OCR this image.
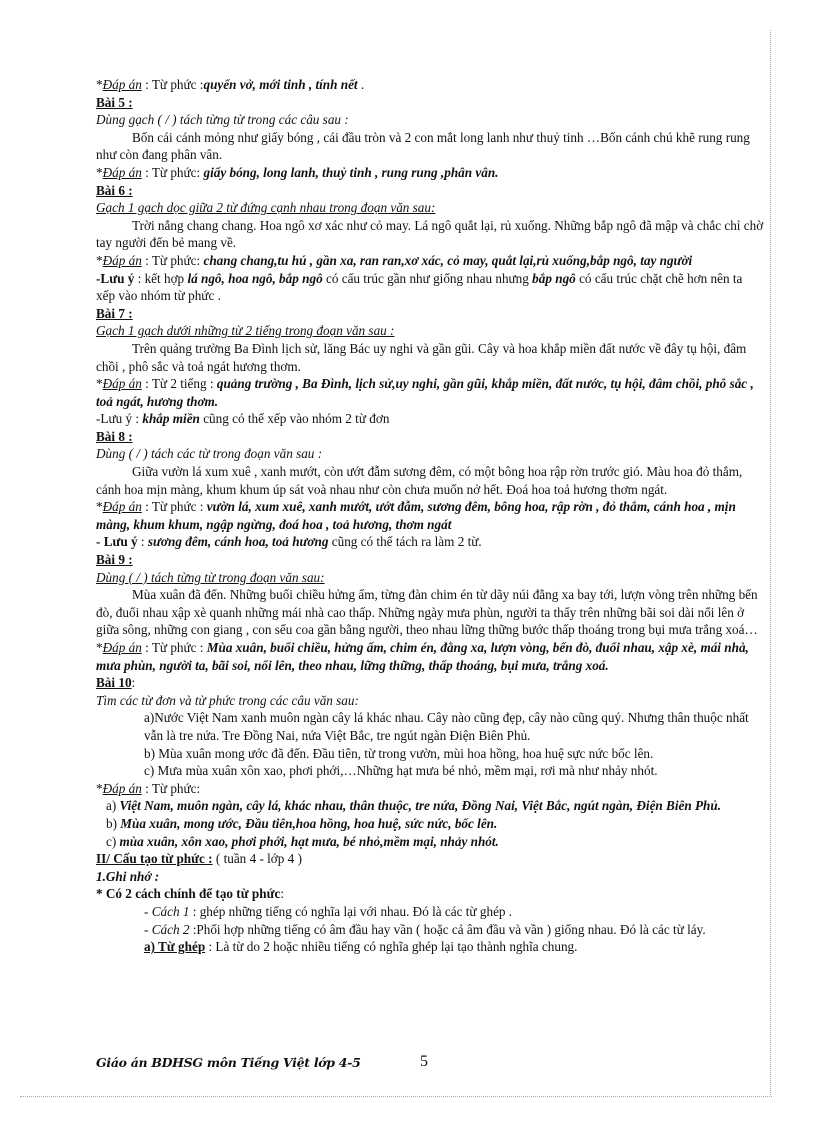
*Đáp án : Từ phức :quyển vở, mới tinh , tính nết .

Bài 5 :

Dùng gạch ( / ) tách từng từ trong các câu sau :

Bốn cái cánh mỏng như giấy bóng , cái đầu tròn và 2 con mắt long lanh như thuỷ tinh …Bốn cánh chú khẽ rung rung như còn đang phân vân.

*Đáp án : Từ phức: giấy bóng, long lanh, thuỷ tinh , rung rung ,phân vân.

Bài 6 :

Gạch 1 gạch dọc giữa 2 từ đứng cạnh nhau trong đoạn văn sau:

Trời nắng chang chang. Hoa ngô xơ xác như cỏ may. Lá ngô quắt lại, rủ xuống. Những bắp ngô đã mập và chắc chỉ chờ tay người đến bẻ mang về.

*Đáp án : Từ phức: chang chang,tu hú , gần xa, ran ran,xơ xác, cỏ may, quắt lại,rủ xuống,bắp ngô, tay người

-Lưu ý : kết hợp lá ngô, hoa ngô, bắp ngô có cấu trúc gần như giống nhau nhưng bắp ngô có cấu trúc chặt chẽ hơn nên ta xếp vào nhóm từ phức .

Bài 7 :

Gạch 1 gạch dưới những từ 2 tiếng trong đoạn văn sau :

Trên quảng trường Ba Đình lịch sử, lăng Bác uy nghi và gần gũi. Cây và hoa khắp miền đất nước về đây tụ hội, đâm chồi , phô sắc và toả ngát hương thơm.

*Đáp án : Từ 2 tiếng : quảng trường , Ba Đình, lịch sử,uy nghi, gần gũi, khắp miền, đất nước, tụ hội, đâm chồi, phô sắc , toả ngát, hương thơm.

-Lưu ý : khắp miền cũng có thể xếp vào nhóm 2 từ đơn

Bài 8 :

Dùng ( / ) tách các từ trong đoạn văn sau :

Giữa vườn lá xum xuê , xanh mướt, còn ướt đẫm sương đêm, có một bông hoa rập rờn trước gió. Màu hoa đỏ thắm, cánh hoa mịn màng, khum khum úp sát voà nhau như còn chưa muốn nở hết. Đoá hoa toả hương thơm ngát.

*Đáp án : Từ phức : vườn lá, xum xuê, xanh mướt, ướt đẫm, sương đêm, bông hoa, rập rờn , đỏ thắm, cánh hoa , mịn màng, khum khum, ngập ngừng, đoá hoa , toả hương, thơm ngát

- Lưu ý : sương đêm, cánh hoa, toả hương cũng có thể tách ra làm 2 từ.

Bài 9 :

Dùng ( / ) tách từng từ trong đoạn văn sau:

Mùa xuân đã đến. Những buổi chiều hửng ấm, từng đàn chim én từ dãy núi đằng xa bay tới, lượn vòng trên những bến đò, đuổi nhau xập xè quanh những mái nhà cao thấp. Những ngày mưa phùn, người ta thấy trên những bãi soi dài nổi lên ở giữa sông, những con giang , con sếu coa gần bằng người, theo nhau lững thững bước thấp thoáng trong bụi mưa trắng xoá…

*Đáp án : Từ phức : Mùa xuân, buổi chiều, hửng ấm, chim én, đằng xa, lượn vòng, bến đò, đuổi nhau, xập xè, mái nhà, mưa phùn, người ta, bãi soi, nổi lên, theo nhau, lững thững, thấp thoáng, bụi mưa, trắng xoá.

Bài 10:

Tìm các từ đơn và từ phức trong các câu văn sau:

a)Nước Việt Nam xanh muôn ngàn cây lá khác nhau. Cây nào cũng đẹp, cây nào cũng quý. Nhưng thân thuộc nhất vẫn là tre nứa. Tre Đồng Nai, nứa Việt Bắc, tre ngút ngàn Điện Biên Phủ.

b) Mùa xuân mong ước đã đến. Đầu tiên, từ trong vườn, mùi hoa hồng, hoa huệ sực nức bốc lên.

c) Mưa mùa xuân xôn xao, phơi phới,…Những hạt mưa bé nhỏ, mềm mại, rơi mà như nhảy nhót.

*Đáp án : Từ phức:

a) Việt Nam, muôn ngàn, cây lá, khác nhau, thân thuộc, tre nứa, Đồng Nai, Việt Bắc, ngút ngàn, Điện Biên Phủ.

b) Mùa xuân, mong ước, Đầu tiên,hoa hồng, hoa huệ, sức nức, bốc lên.

c) mùa xuân, xôn xao, phơi phới, hạt mưa, bé nhỏ,mềm mại, nhảy nhót.

II/ Cấu tạo từ phức : ( tuần 4 - lớp 4 )

1.Ghi nhớ :

* Có 2 cách chính để tạo từ phức:

- Cách 1 : ghép những tiếng có nghĩa lại với nhau. Đó là các từ ghép .

- Cách 2 :Phối hợp những tiếng có âm đầu hay vần ( hoặc cả âm đầu và vần ) giống nhau. Đó là các từ láy.

a) Từ ghép : Là từ do 2 hoặc nhiều tiếng có nghĩa ghép lại tạo thành nghĩa chung.

Giáo án BDHSG môn Tiếng Việt lớp 4-5	5
